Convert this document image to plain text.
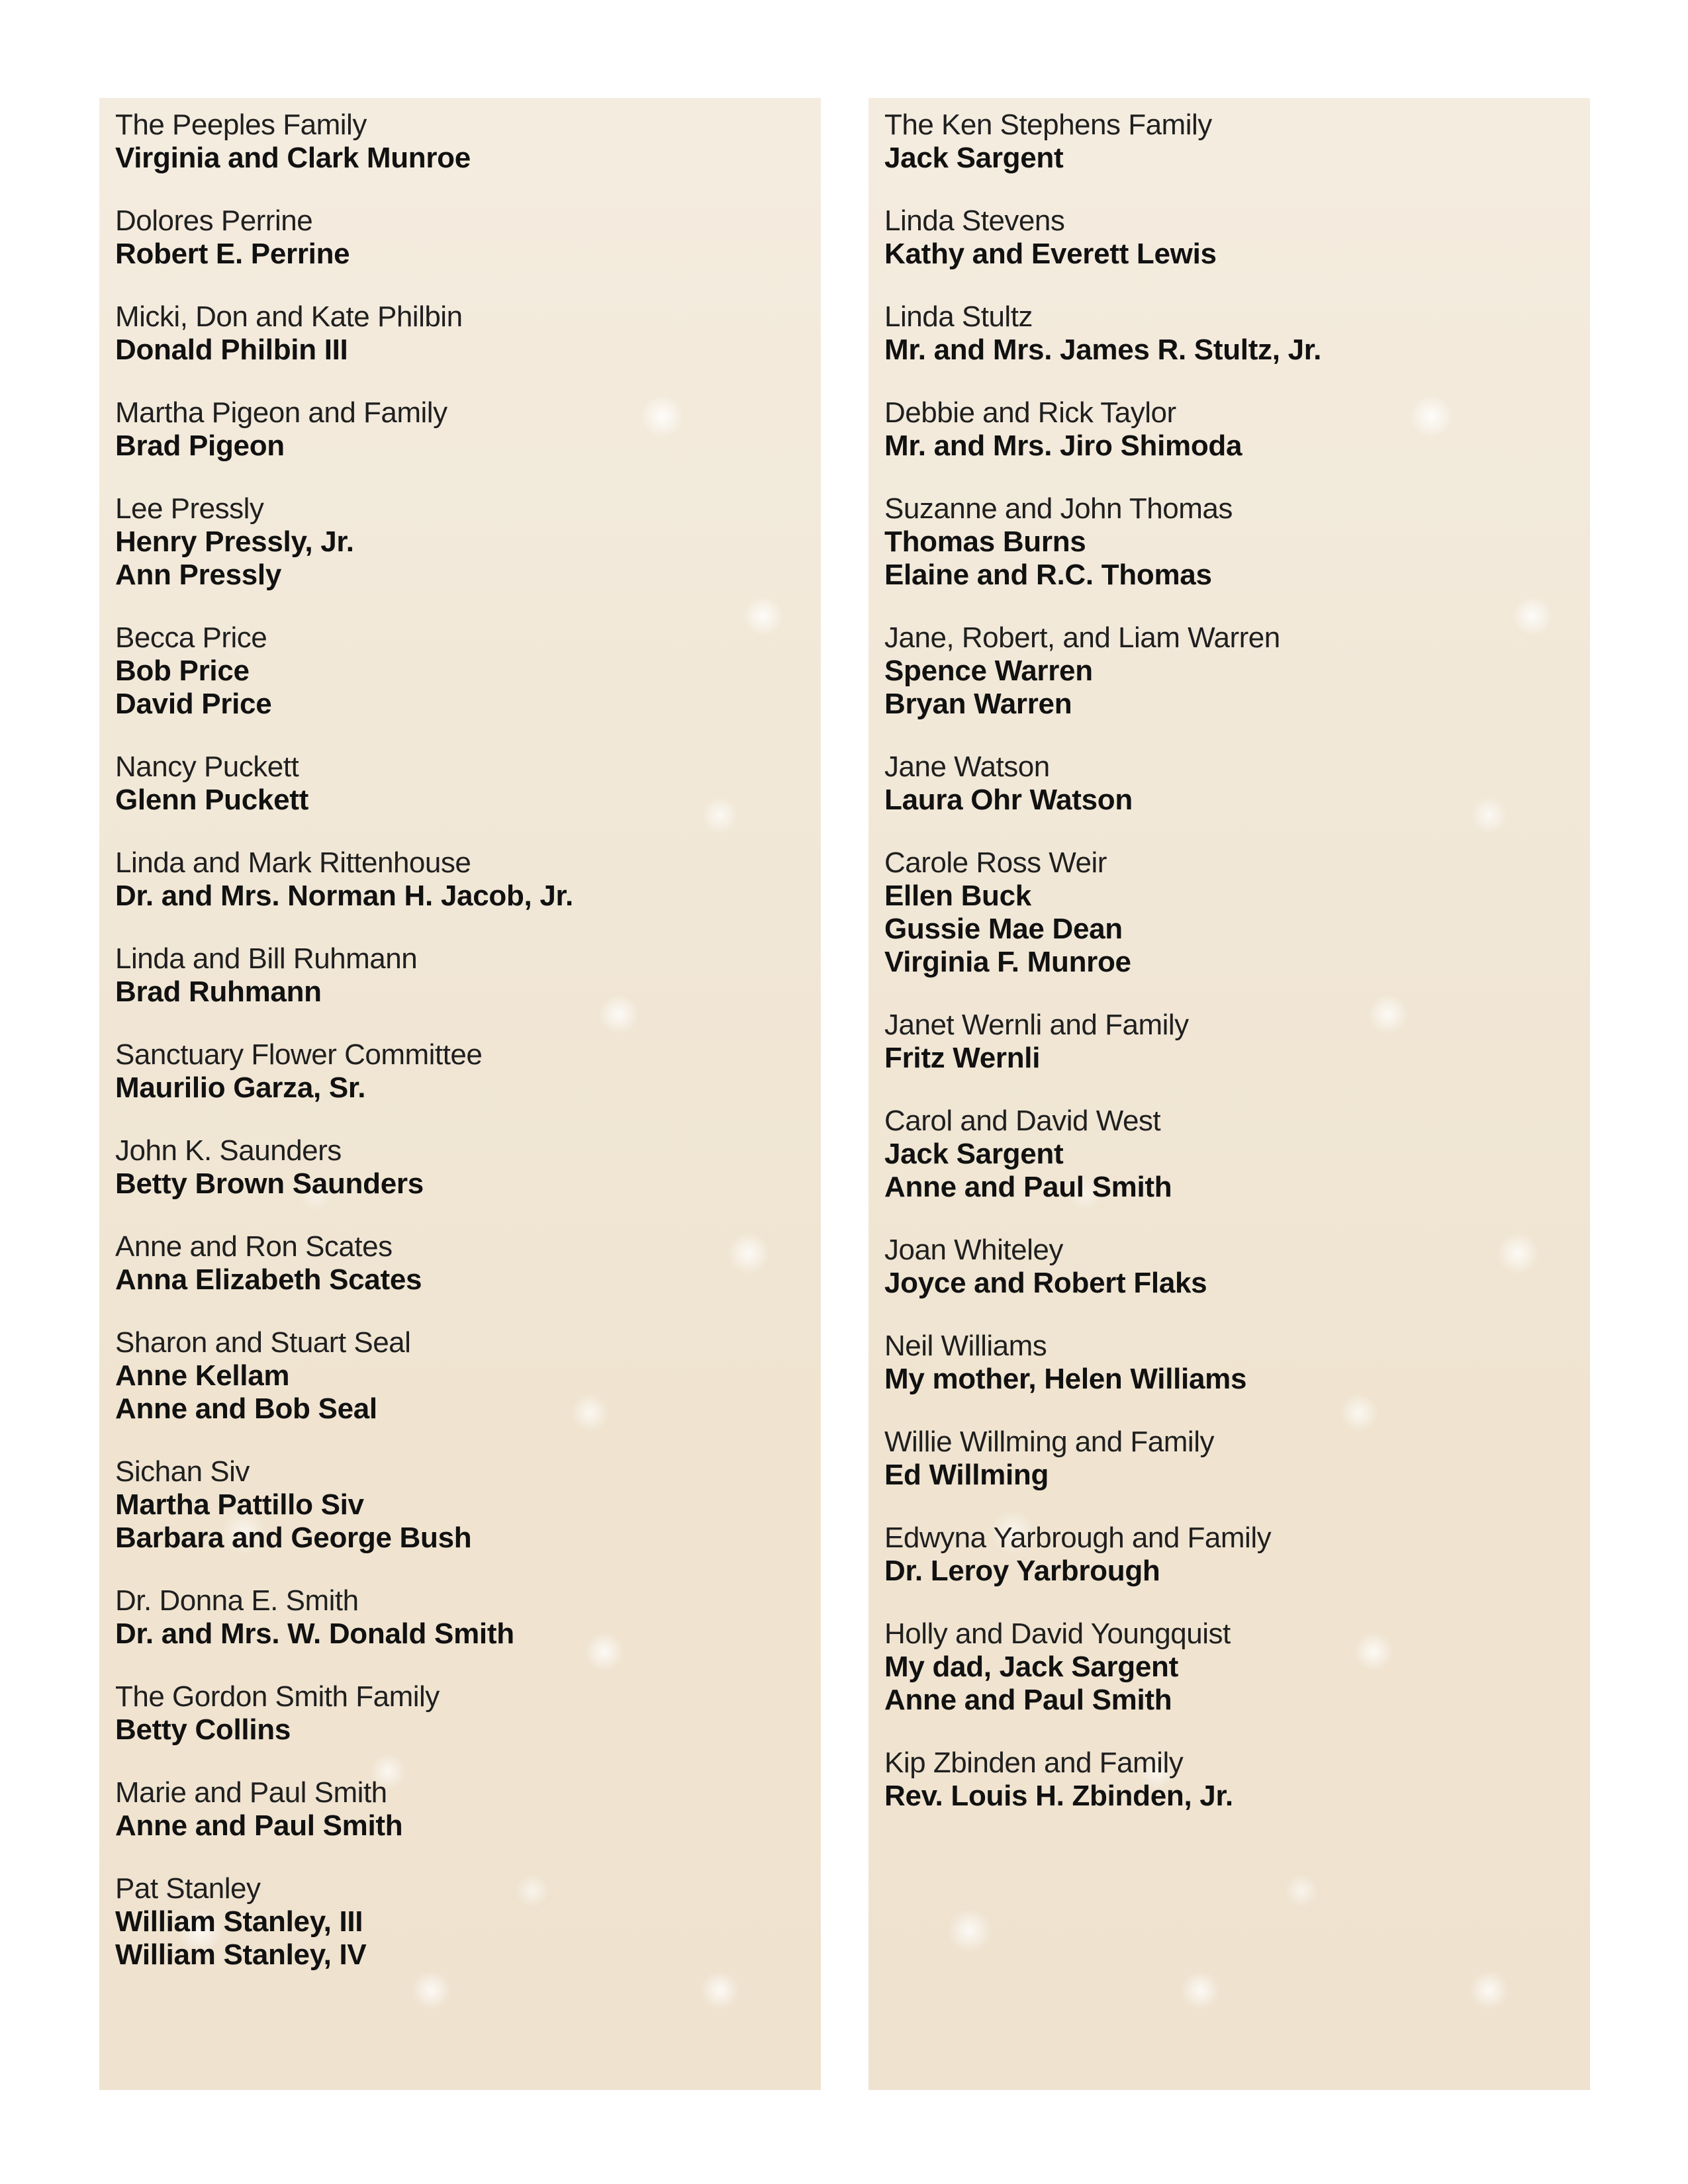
The Peeples Family
Virginia and Clark Munroe
Dolores Perrine
Robert E. Perrine
Micki, Don and Kate Philbin
Donald Philbin III
Martha Pigeon and Family
Brad Pigeon
Lee Pressly
Henry Pressly, Jr.
Ann Pressly
Becca Price
Bob Price
David Price
Nancy Puckett
Glenn Puckett
Linda and Mark Rittenhouse
Dr. and Mrs. Norman H. Jacob, Jr.
Linda and Bill Ruhmann
Brad Ruhmann
Sanctuary Flower Committee
Maurilio Garza, Sr.
John K. Saunders
Betty Brown Saunders
Anne and Ron Scates
Anna Elizabeth Scates
Sharon and Stuart Seal
Anne Kellam
Anne and Bob Seal
Sichan Siv
Martha Pattillo Siv
Barbara and George Bush
Dr. Donna E. Smith
Dr. and Mrs. W. Donald Smith
The Gordon Smith Family
Betty Collins
Marie and Paul Smith
Anne and Paul Smith
Pat Stanley
William Stanley, III
William Stanley, IV
The Ken Stephens Family
Jack Sargent
Linda Stevens
Kathy and Everett Lewis
Linda Stultz
Mr. and Mrs. James R. Stultz, Jr.
Debbie and Rick Taylor
Mr. and Mrs. Jiro Shimoda
Suzanne and John Thomas
Thomas Burns
Elaine and R.C. Thomas
Jane, Robert, and Liam Warren
Spence Warren
Bryan Warren
Jane Watson
Laura Ohr Watson
Carole Ross Weir
Ellen Buck
Gussie Mae Dean
Virginia F. Munroe
Janet Wernli and Family
Fritz Wernli
Carol and David West
Jack Sargent
Anne and Paul Smith
Joan Whiteley
Joyce and Robert Flaks
Neil Williams
My mother, Helen Williams
Willie Willming and Family
Ed Willming
Edwyna Yarbrough and Family
Dr. Leroy Yarbrough
Holly and David Youngquist
My dad, Jack Sargent
Anne and Paul Smith
Kip Zbinden and Family
Rev. Louis H. Zbinden, Jr.
